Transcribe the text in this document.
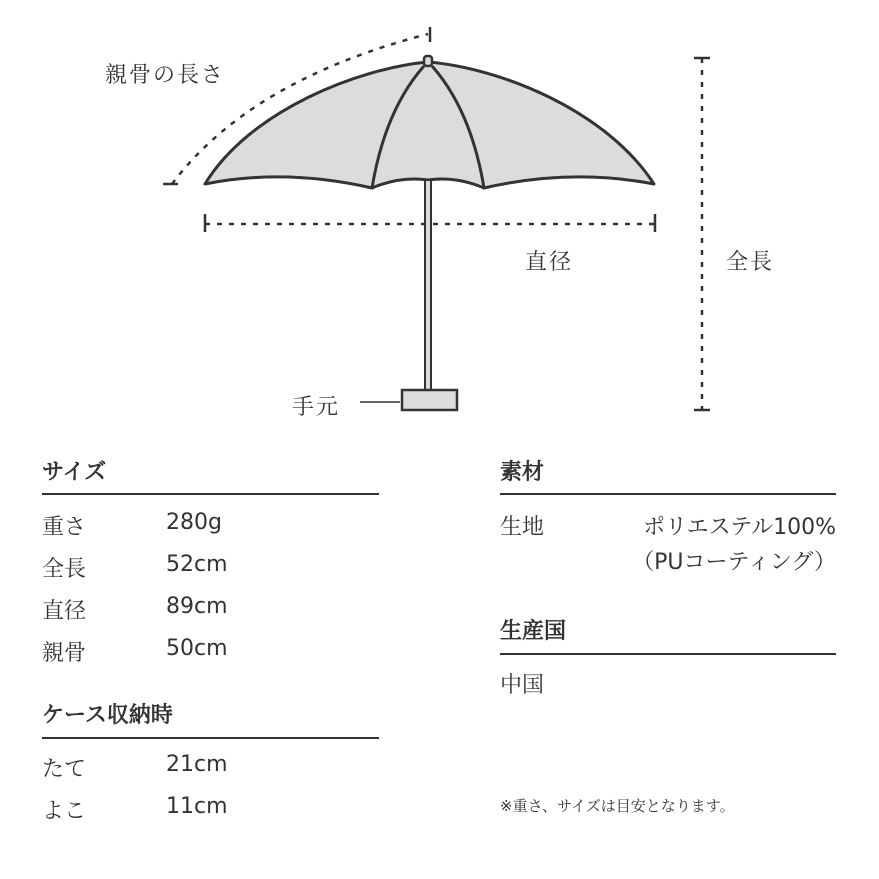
親骨の長さ
直径	全長
手元
サイズ
重さ	280g
全長	52cm
直径	89cm
親骨	50cm
ケース収納時
たて	21cm
よこ	11cm
素材
生地	ポリエステル100%
（PUコーティング）
生産国
中国
※重さ、サイズは目安となります。
